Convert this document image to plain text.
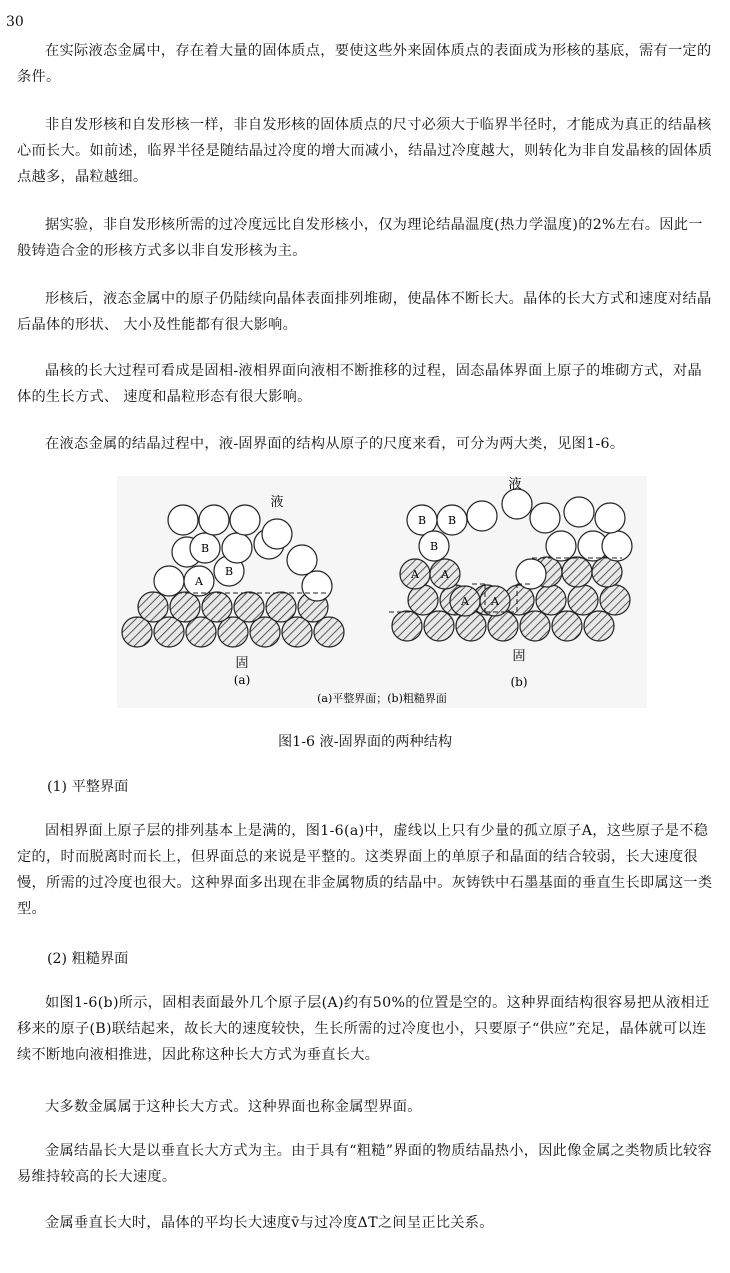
30

在实际液态金属中，存在着大量的固体质点，要使这些外来固体质点的表面成为形核的基底，需有一定的条件。

非自发形核和自发形核一样，非自发形核的固体质点的尺寸必须大于临界半径时，才能成为真正的结晶核心而长大。如前述，临界半径是随结晶过冷度的增大而减小，结晶过冷度越大，则转化为非自发晶核的固体质点越多，晶粒越细。

据实验，非自发形核所需的过冷度远比自发形核小，仅为理论结晶温度(热力学温度)的2%左右。因此一般铸造合金的形核方式多以非自发形核为主。

形核后，液态金属中的原子仍陆续向晶体表面排列堆砌，使晶体不断长大。晶体的长大方式和速度对结晶后晶体的形状、 大小及性能都有很大影响。

晶核的长大过程可看成是固相-液相界面向液相不断推移的过程，固态晶体界面上原子的堆砌方式，对晶体的生长方式、 速度和晶粒形态有很大影响。

在液态金属的结晶过程中，液-固界面的结构从原子的尺度来看，可分为两大类，见图1-6。

A
B
B
A A
A A
B B
B
液
液
固	固
(a)	(b)
(a)平整界面；(b)粗糙界面
图1-6 液-固界面的两种结构

(1) 平整界面

固相界面上原子层的排列基本上是满的，图1-6(a)中，虚线以上只有少量的孤立原子A，这些原子是不稳定的，时而脱离时而长上，但界面总的来说是平整的。这类界面上的单原子和晶面的结合较弱，长大速度很慢，所需的过冷度也很大。这种界面多出现在非金属物质的结晶中。灰铸铁中石墨基面的垂直生长即属这一类型。

(2) 粗糙界面

如图1-6(b)所示，固相表面最外几个原子层(A)约有50%的位置是空的。这种界面结构很容易把从液相迁移来的原子(B)联结起来，故长大的速度较快，生长所需的过冷度也小，只要原子“供应”充足，晶体就可以连续不断地向液相推进，因此称这种长大方式为垂直长大。

大多数金属属于这种长大方式。这种界面也称金属型界面。

金属结晶长大是以垂直长大方式为主。由于具有“粗糙”界面的物质结晶热小，因此像金属之类物质比较容易维持较高的长大速度。

金属垂直长大时，晶体的平均长大速度v̄与过冷度ΔT之间呈正比关系。
